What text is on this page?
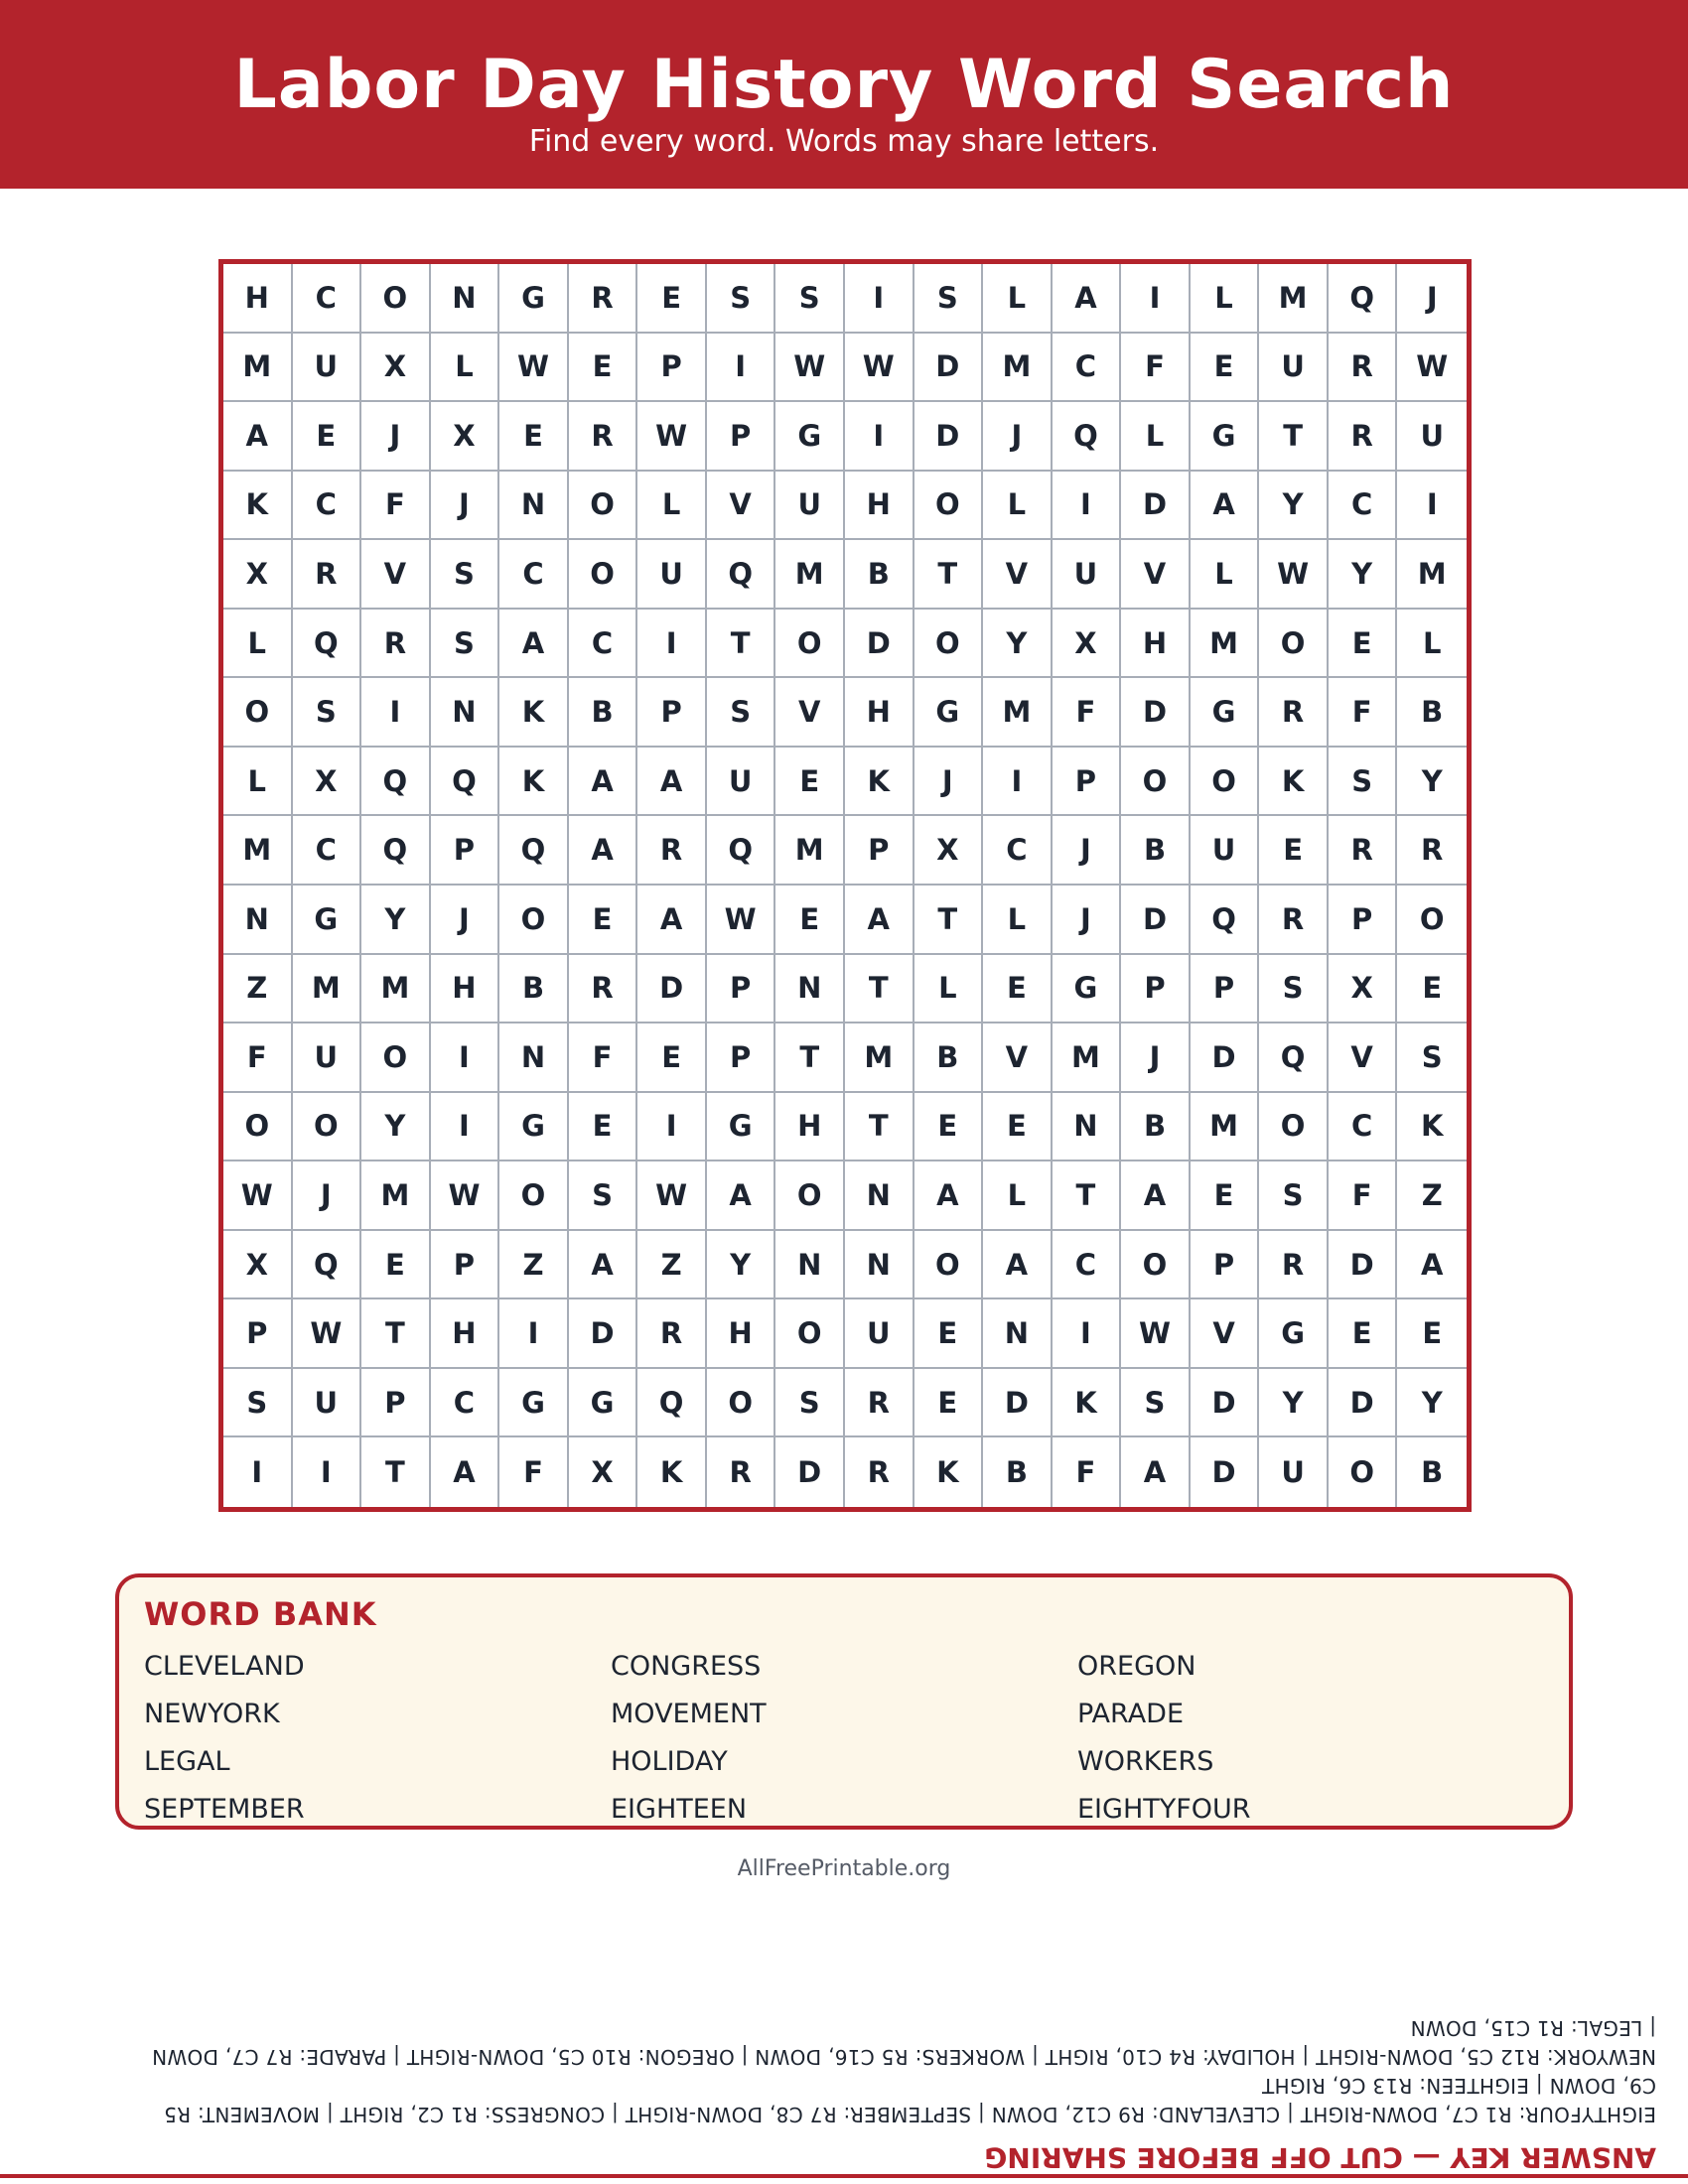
Labor Day History Word Search
Find every word. Words may share letters.
H	C	O	N	G	R	E	S	S	I	S	L	A	I	L	M	Q	J
M	U	X	L	W	E	P	I	W	W	D	M	C	F	E	U	R	W
A	E	J	X	E	R	W	P	G	I	D	J	Q	L	G	T	R	U
K	C	F	J	N	O	L	V	U	H	O	L	I	D	A	Y	C	I
X	R	V	S	C	O	U	Q	M	B	T	V	U	V	L	W	Y	M
L	Q	R	S	A	C	I	T	O	D	O	Y	X	H	M	O	E	L
O	S	I	N	K	B	P	S	V	H	G	M	F	D	G	R	F	B
L	X	Q	Q	K	A	A	U	E	K	J	I	P	O	O	K	S	Y
M	C	Q	P	Q	A	R	Q	M	P	X	C	J	B	U	E	R	R
N	G	Y	J	O	E	A	W	E	A	T	L	J	D	Q	R	P	O
Z	M	M	H	B	R	D	P	N	T	L	E	G	P	P	S	X	E
F	U	O	I	N	F	E	P	T	M	B	V	M	J	D	Q	V	S
O	O	Y	I	G	E	I	G	H	T	E	E	N	B	M	O	C	K
W	J	M	W	O	S	W	A	O	N	A	L	T	A	E	S	F	Z
X	Q	E	P	Z	A	Z	Y	N	N	O	A	C	O	P	R	D	A
P	W	T	H	I	D	R	H	O	U	E	N	I	W	V	G	E	E
S	U	P	C	G	G	Q	O	S	R	E	D	K	S	D	Y	D	Y
I	I	T	A	F	X	K	R	D	R	K	B	F	A	D	U	O	B
WORD BANK
CLEVELAND	CONGRESS	OREGON
NEWYORK	MOVEMENT	PARADE
LEGAL	HOLIDAY	WORKERS
SEPTEMBER	EIGHTEEN	EIGHTYFOUR
AllFreePrintable.org
ANSWER KEY — CUT OFF BEFORE SHARING
EIGHTYFOUR: R1 C7, DOWN-RIGHT | CLEVELAND: R9 C12, DOWN | SEPTEMBER: R7 C8, DOWN-RIGHT | CONGRESS: R1 C2, RIGHT | MOVEMENT: R5
C9, DOWN | EIGHTEEN: R13 C6, RIGHT
NEWYORK: R12 C5, DOWN-RIGHT | HOLIDAY: R4 C10, RIGHT | WORKERS: R5 C16, DOWN | OREGON: R10 C5, DOWN-RIGHT | PARADE: R7 C7, DOWN
| LEGAL: R1 C15, DOWN
